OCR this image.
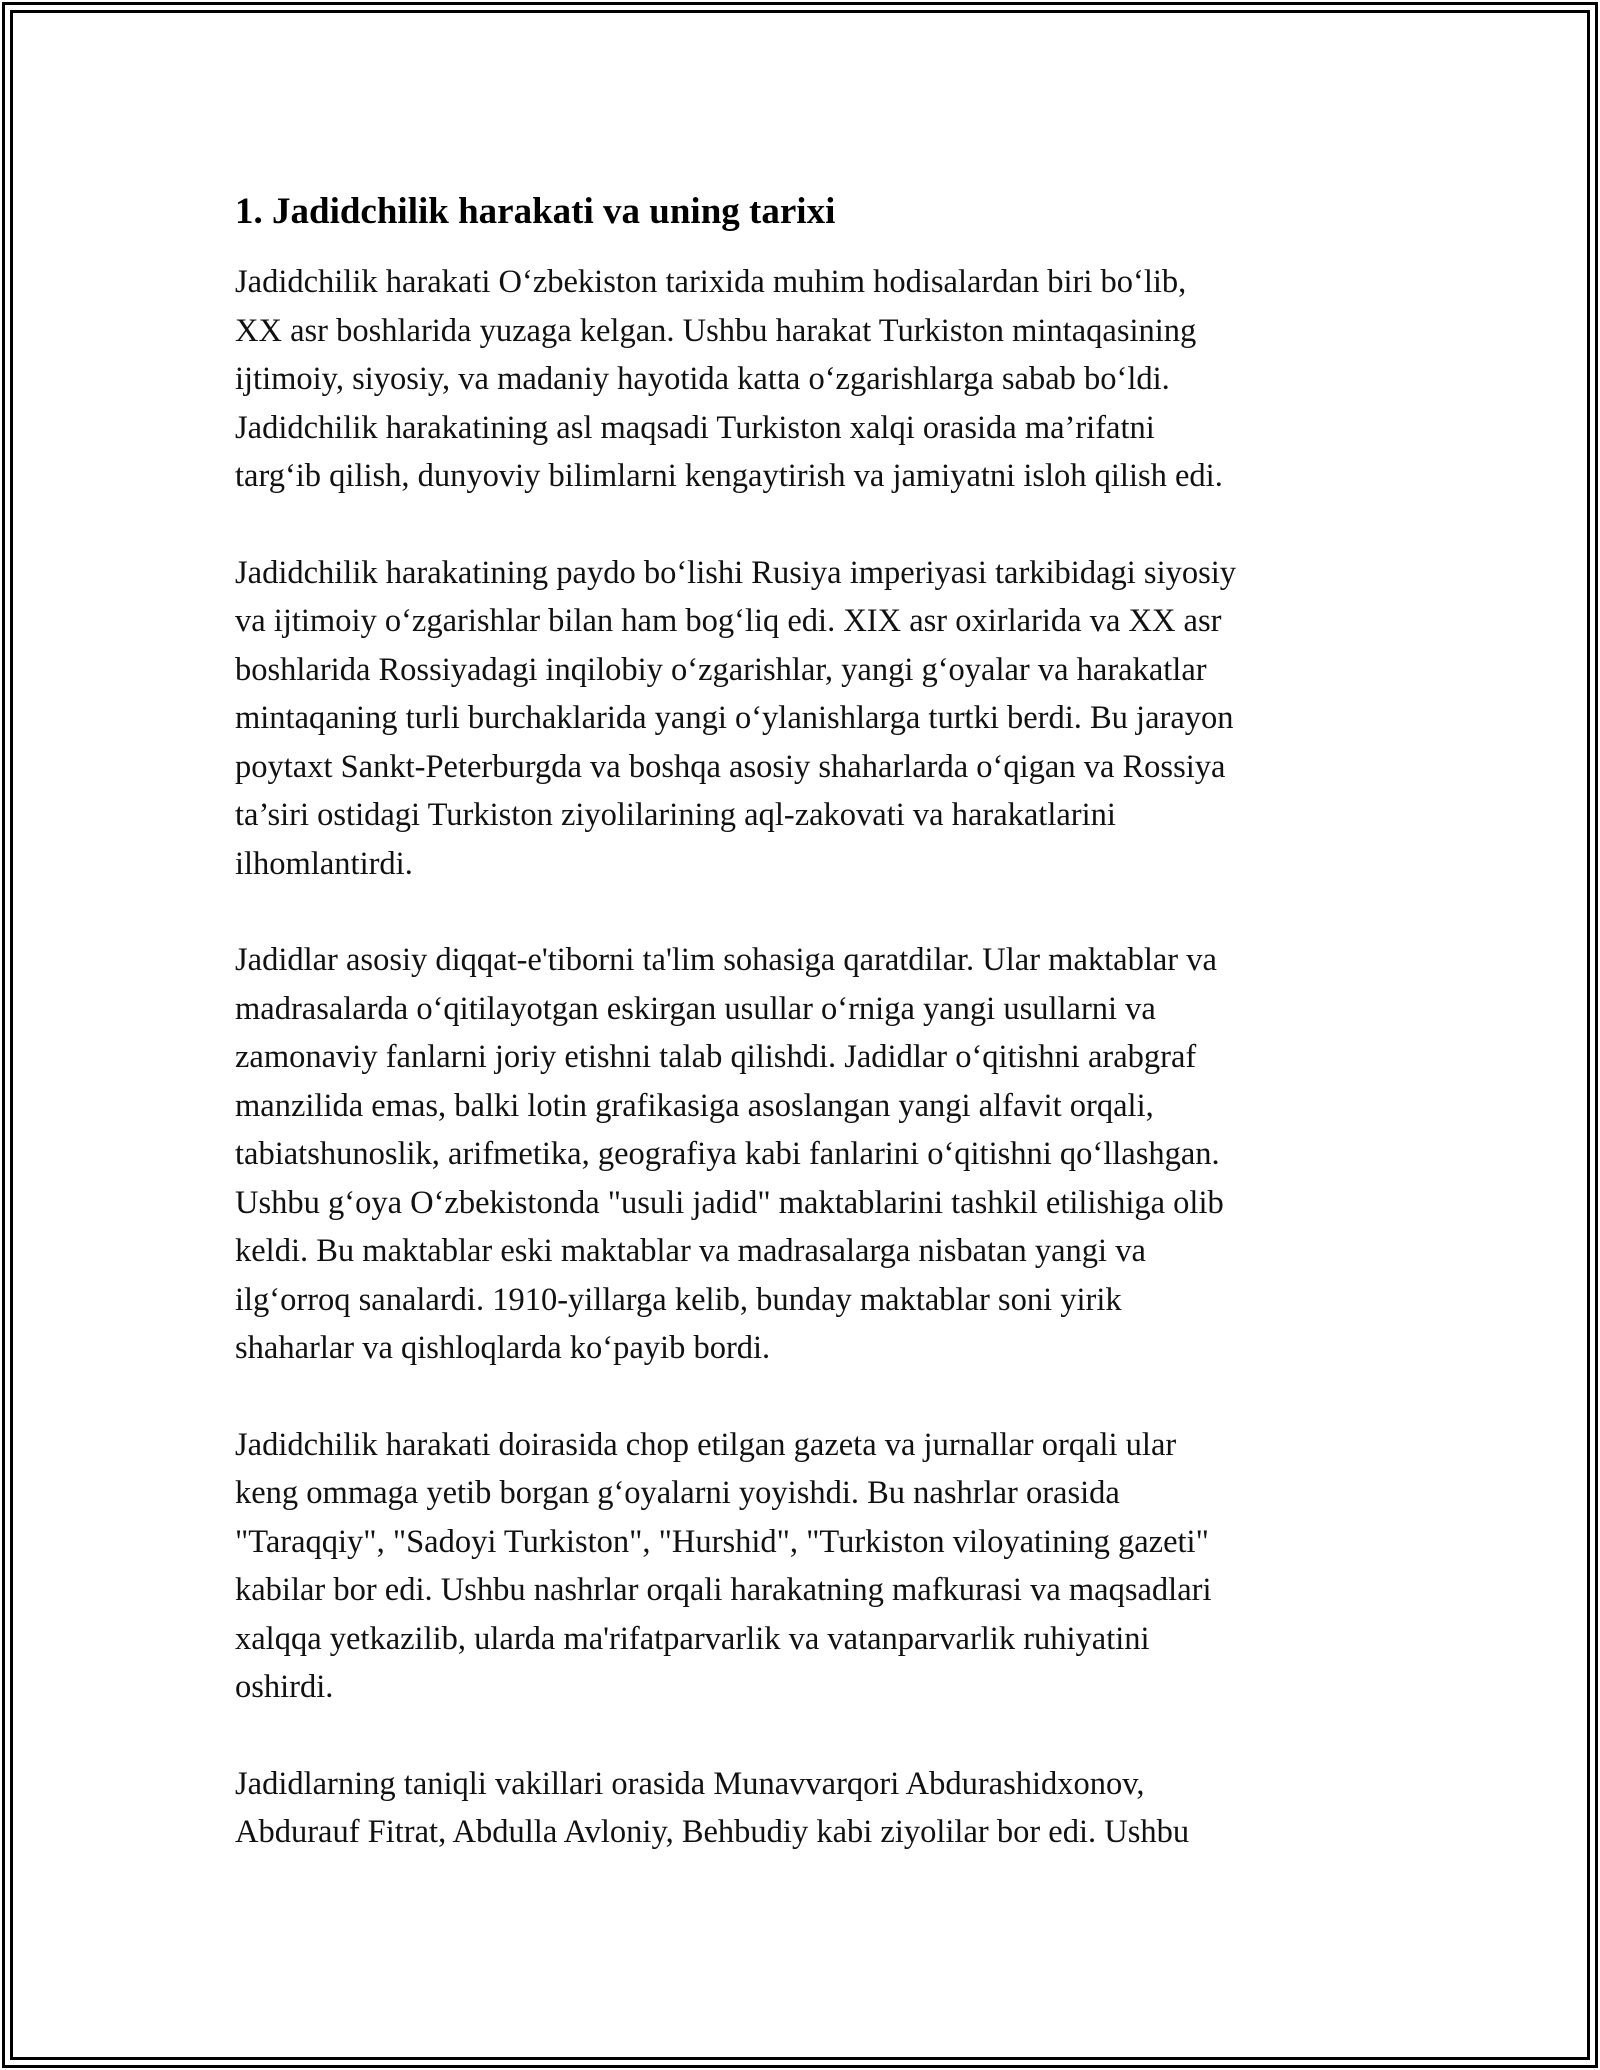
1. Jadidchilik harakati va uning tarixi

Jadidchilik harakati O‘zbekiston tarixida muhim hodisalardan biri bo‘lib,
XX asr boshlarida yuzaga kelgan. Ushbu harakat Turkiston mintaqasining
ijtimoiy, siyosiy, va madaniy hayotida katta o‘zgarishlarga sabab bo‘ldi.
Jadidchilik harakatining asl maqsadi Turkiston xalqi orasida ma’rifatni
targ‘ib qilish, dunyoviy bilimlarni kengaytirish va jamiyatni isloh qilish edi.

Jadidchilik harakatining paydo bo‘lishi Rusiya imperiyasi tarkibidagi siyosiy
va ijtimoiy o‘zgarishlar bilan ham bog‘liq edi. XIX asr oxirlarida va XX asr
boshlarida Rossiyadagi inqilobiy o‘zgarishlar, yangi g‘oyalar va harakatlar
mintaqaning turli burchaklarida yangi o‘ylanishlarga turtki berdi. Bu jarayon
poytaxt Sankt-Peterburgda va boshqa asosiy shaharlarda o‘qigan va Rossiya
ta’siri ostidagi Turkiston ziyolilarining aql-zakovati va harakatlarini
ilhomlantirdi.

Jadidlar asosiy diqqat-e'tiborni ta'lim sohasiga qaratdilar. Ular maktablar va
madrasalarda o‘qitilayotgan eskirgan usullar o‘rniga yangi usullarni va
zamonaviy fanlarni joriy etishni talab qilishdi. Jadidlar o‘qitishni arabgraf
manzilida emas, balki lotin grafikasiga asoslangan yangi alfavit orqali,
tabiatshunoslik, arifmetika, geografiya kabi fanlarini o‘qitishni qo‘llashgan.
Ushbu g‘oya O‘zbekistonda "usuli jadid" maktablarini tashkil etilishiga olib
keldi. Bu maktablar eski maktablar va madrasalarga nisbatan yangi va
ilg‘orroq sanalardi. 1910-yillarga kelib, bunday maktablar soni yirik
shaharlar va qishloqlarda ko‘payib bordi.

Jadidchilik harakati doirasida chop etilgan gazeta va jurnallar orqali ular
keng ommaga yetib borgan g‘oyalarni yoyishdi. Bu nashrlar orasida
"Taraqqiy", "Sadoyi Turkiston", "Hurshid", "Turkiston viloyatining gazeti"
kabilar bor edi. Ushbu nashrlar orqali harakatning mafkurasi va maqsadlari
xalqqa yetkazilib, ularda ma'rifatparvarlik va vatanparvarlik ruhiyatini
oshirdi.

Jadidlarning taniqli vakillari orasida Munavvarqori Abdurashidxonov,
Abdurauf Fitrat, Abdulla Avloniy, Behbudiy kabi ziyolilar bor edi. Ushbu
